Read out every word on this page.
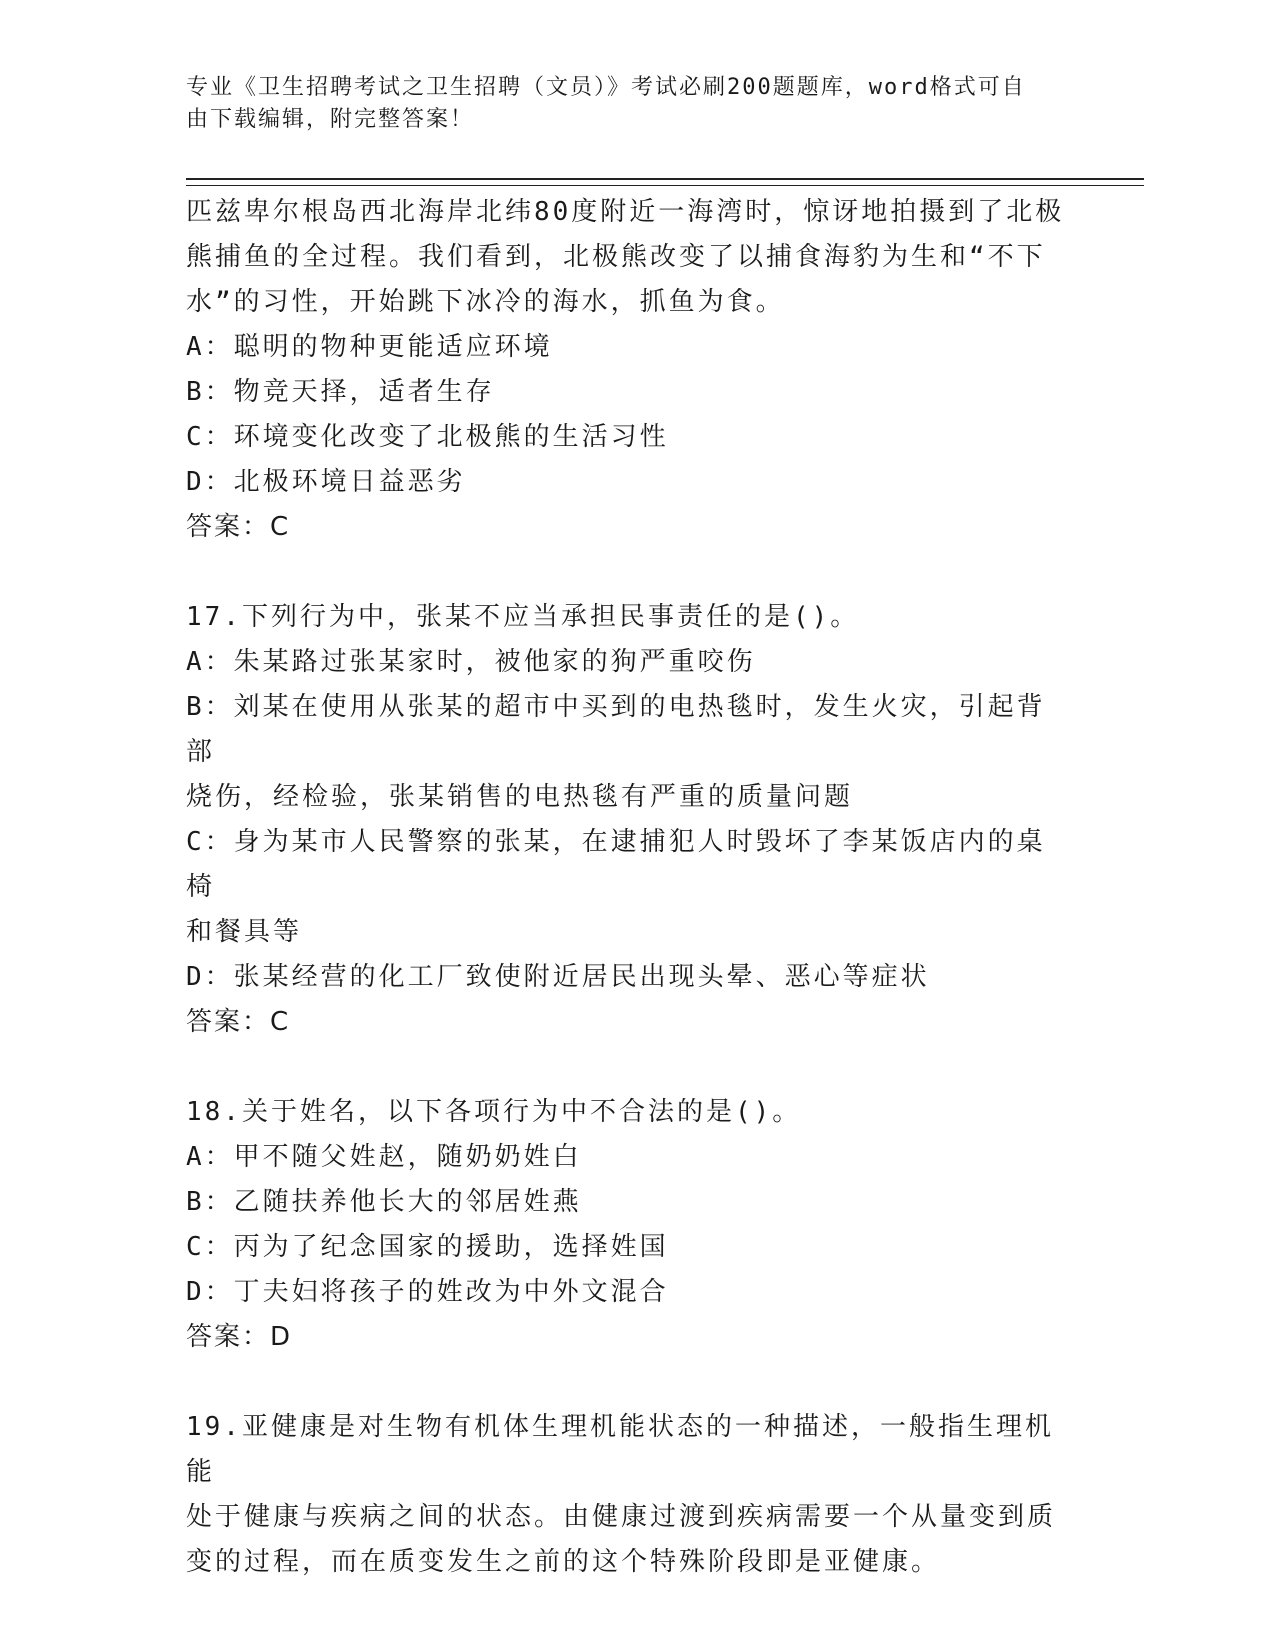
专业《卫生招聘考试之卫生招聘（文员）》考试必刷200题题库，word格式可自
由下载编辑，附完整答案！
匹兹卑尔根岛西北海岸北纬80度附近一海湾时，惊讶地拍摄到了北极
熊捕鱼的全过程。我们看到，北极熊改变了以捕食海豹为生和“不下
水”的习性，开始跳下冰冷的海水，抓鱼为食。
A：聪明的物种更能适应环境
B：物竞天择，适者生存
C：环境变化改变了北极熊的生活习性
D：北极环境日益恶劣
答案：C
17.下列行为中，张某不应当承担民事责任的是()。
A：朱某路过张某家时，被他家的狗严重咬伤
B：刘某在使用从张某的超市中买到的电热毯时，发生火灾，引起背部
烧伤，经检验，张某销售的电热毯有严重的质量问题
C：身为某市人民警察的张某，在逮捕犯人时毁坏了李某饭店内的桌椅
和餐具等
D：张某经营的化工厂致使附近居民出现头晕、恶心等症状
答案：C
18.关于姓名，以下各项行为中不合法的是()。
A：甲不随父姓赵，随奶奶姓白
B：乙随扶养他长大的邻居姓燕
C：丙为了纪念国家的援助，选择姓国
D：丁夫妇将孩子的姓改为中外文混合
答案：D
19.亚健康是对生物有机体生理机能状态的一种描述，一般指生理机能
处于健康与疾病之间的状态。由健康过渡到疾病需要一个从量变到质
变的过程，而在质变发生之前的这个特殊阶段即是亚健康。
